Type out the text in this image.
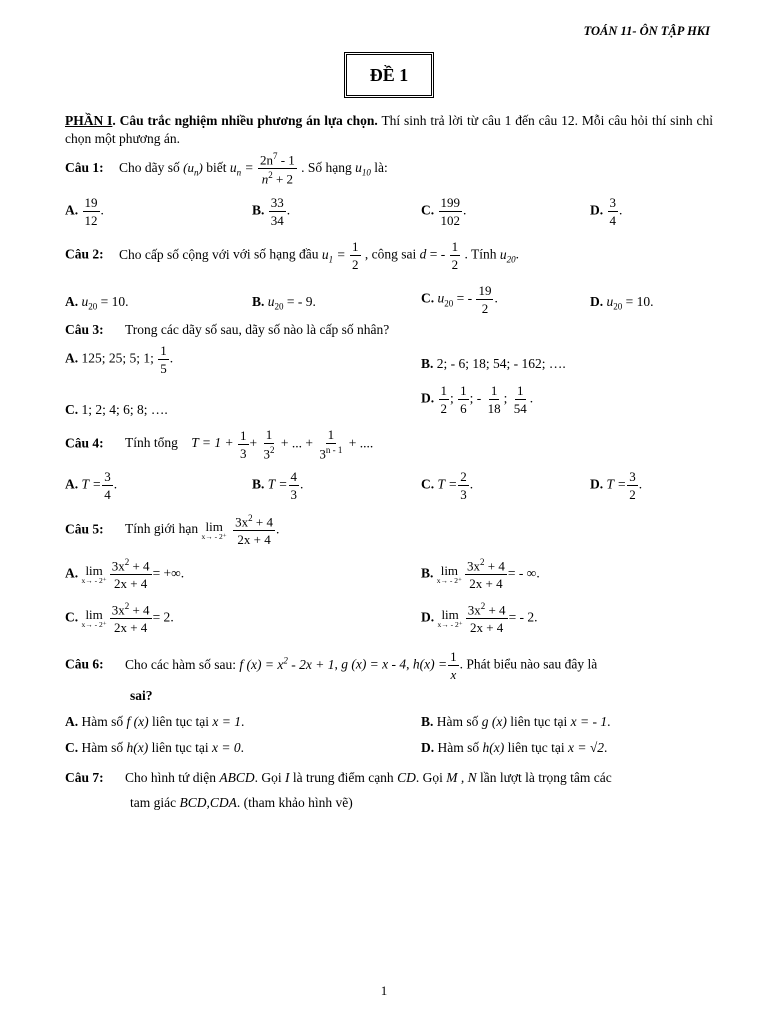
TOÁN 11- ÔN TẬP HKI
ĐỀ 1
PHẦN I. Câu trắc nghiệm nhiều phương án lựa chọn. Thí sinh trả lời từ câu 1 đến câu 12. Mỗi câu hỏi thí sinh chỉ chọn một phương án.
Câu 1: Cho dãy số $(u_n)$ biết $u_n = \frac{2n^7 - 1}{n^2 + 2}$ . Số hạng $u_{10}$ là:
A. $\frac{19}{12}$ .	B. $\frac{33}{34}$ .	C. $\frac{199}{102}$ .	D. $\frac{3}{4}$ .
Câu 2: Cho cấp số cộng với với số hạng đầu $u_1 = \frac{1}{2}$ , công sai d = - $\frac{1}{2}$ . Tính $u_{20}$.
A. $u_{20} = 10$.	B. $u_{20}$ = - 9.	C. $u_{20}$ = - $\frac{19}{2}$ .	D. $u_{20} = 10$.
Câu 3: Trong các dãy số sau, dãy số nào là cấp số nhân?
A. 125; 25; 5; 1; $\frac{1}{5}$ .	B. 2; - 6; 18; 54; - 162; ….
C. 1; 2; 4; 6; 8; ….
D. $\frac{1}{2}$ ; $\frac{1}{6}$ ; - $\frac{1}{18}$ ; $\frac{1}{54}$ .
Câu 4: Tính tổng $T = 1 + \frac{1}{3} + \frac{1}{3^2}$ + ... + $\frac{1}{3^{n - 1}}$ + ....
A. $T = \frac{3}{4}$ .	B. $T = \frac{4}{3}$ .	C. $T = \frac{2}{3}$ .	D. $T = \frac{3}{2}$ .
Câu 5: Tính giới hạn lim
x→ - 2⁺
$\frac{3x^2 + 4}{2x + 4}$ .
A. lim
$x\to - 2^+ \frac{3x^2 + 4}{2x + 4}$ = +∞.	B. lim
$x\to - 2^+ \frac{3x^2 + 4}{2x + 4}$ = - ∞.
C. lim
$x\to - 2^+ \frac{3x^2 + 4}{2x + 4} = 2$.	D. lim
$x\to - 2^+ \frac{3x^2 + 4}{2x + 4}$ = - 2.
Câu 6: Cho các hàm số sau: f $(x) = x^2 - 2x + 1$, g (x) = x - 4, $h(x) = \frac{1}{x}$ . Phát biểu nào sau đây là
sai?
A. Hàm số f (x) liên tục tại x = 1.	B. Hàm số g (x) liên tục tại x = - 1.
C. Hàm số h(x) liên tục tại x = 0.	D. Hàm số h(x) liên tục tại x = √2.
Câu 7: Cho hình tứ diện ABCD. Gọi I là trung điểm cạnh CD. Gọi M , N lần lượt là trọng tâm các
tam giác BCD,CDA. (tham khảo hình vẽ)
1
